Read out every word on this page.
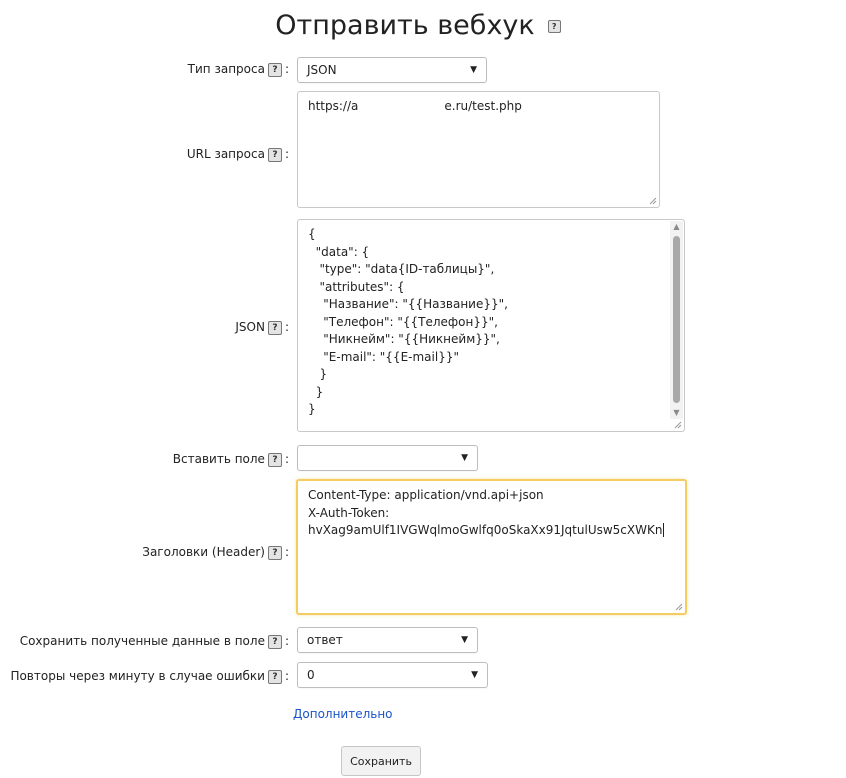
Отправить вебхук ?
Тип запроса ? :	JSON	▼
URL запроса ? :
https://a	e.ru/test.php
JSON ? :
{
"data": {
"type": "data{ID-таблицы}",
"attributes": {
"Название": "{{Название}}",
"Телефон": "{{Телефон}}",
"Никнейм": "{{Никнейм}}",
"E-mail": "{{E-mail}}"
}
}
}
▲
▼
Вставить поле ? :	▼
Заголовки (Header) ? :
Content-Type: application/vnd.api+json
X-Auth-Token:
hvXag9amUlf1IVGWqlmoGwlfq0oSkaXx91JqtulUsw5cXWKn
Сохранить полученные данные в поле ? :	ответ	▼
Повторы через минуту в случае ошибки ? :	0	▼
Дополнительно
Сохранить
